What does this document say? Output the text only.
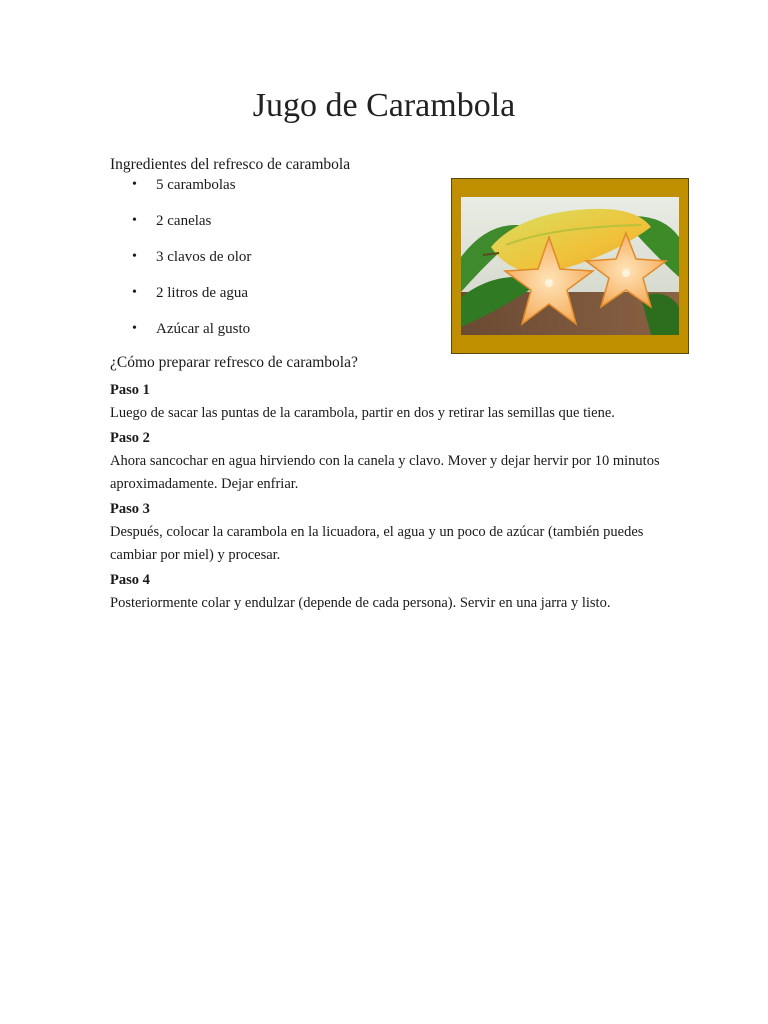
Jugo de Carambola

Ingredientes del refresco de carambola

• 5 carambolas
• 2 canelas
• 3 clavos de olor
• 2 litros de agua
• Azúcar al gusto

¿Cómo preparar refresco de carambola?

Paso 1

Luego de sacar las puntas de la carambola, partir en dos y retirar las semillas que tiene.

Paso 2

Ahora sancochar en agua hirviendo con la canela y clavo. Mover y dejar hervir por 10 minutos aproximadamente. Dejar enfriar.

Paso 3

Después, colocar la carambola en la licuadora, el agua y un poco de azúcar (también puedes cambiar por miel) y procesar.

Paso 4

Posteriormente colar y endulzar (depende de cada persona). Servir en una jarra y listo.
